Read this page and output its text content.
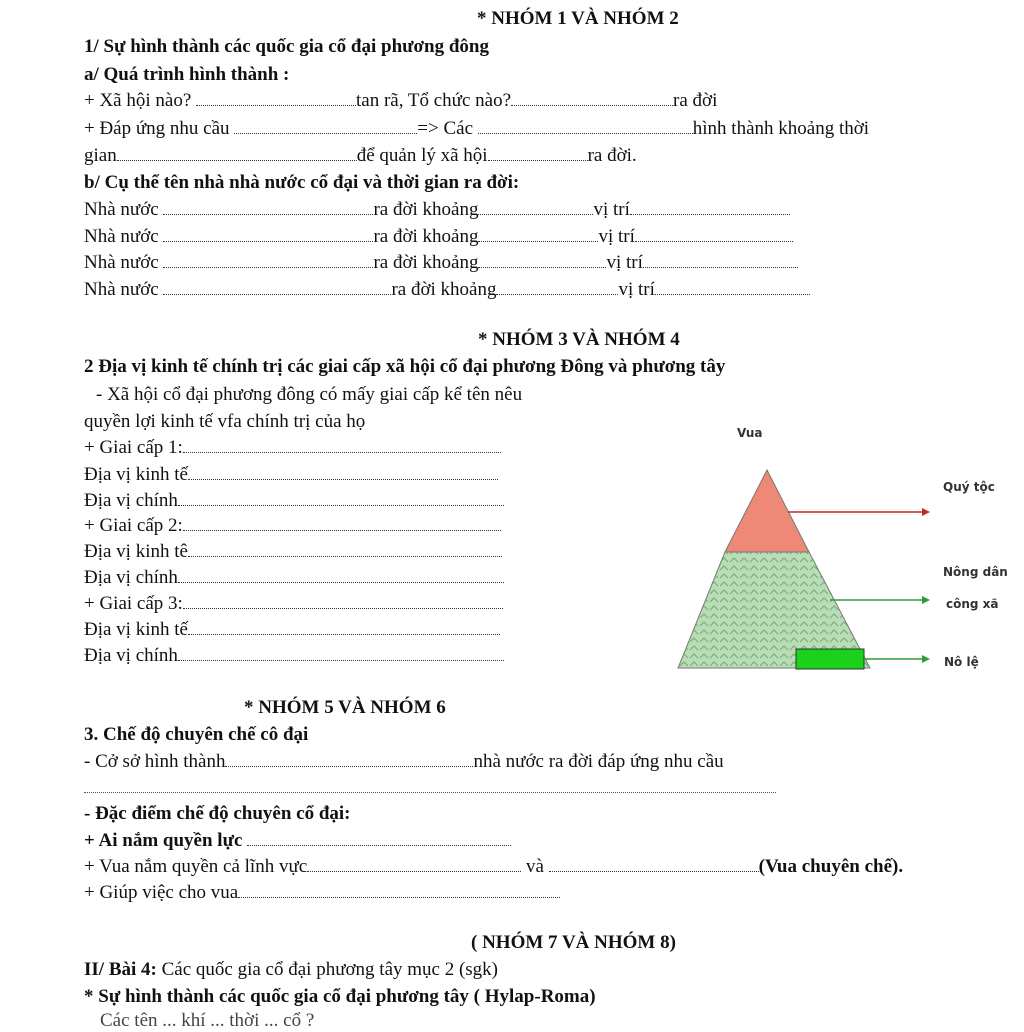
* NHÓM 1 VÀ NHÓM 2
1/ Sự hình thành các quốc gia cổ đại phương đông
a/ Quá trình hình thành :
+ Xã hội nào?	tan rã, Tổ chức nào?	ra đời
+ Đáp ứng nhu cầu	=> Các	hình thành khoảng thời
gian	để quản lý xã hội	ra đời.
b/ Cụ thể tên nhà nhà nước cổ đại và thời gian ra đời:
Nhà nước	ra đời khoảng	vị trí
Nhà nước	ra đời khoảng	vị trí
Nhà nước	ra đời khoảng	vị trí
Nhà nước	ra đời khoảng	vị trí
* NHÓM 3 VÀ NHÓM 4
2 Địa vị kinh tế chính trị các giai cấp xã hội cổ đại phương Đông và phương tây
- Xã hội cổ đại phương đông có mấy giai cấp kể tên nêu
quyền lợi kinh tế vfa chính trị của họ
+ Giai cấp 1:
Địa vị kinh tế
Địa vị chính
+ Giai cấp 2:
Địa vị kinh tê
Địa vị chính
+ Giai cấp 3:
Địa vị kinh tế
Địa vị chính
Vua
Quý tộc
Nông dân
công xã
Nô lệ
* NHÓM 5 VÀ NHÓM 6
3. Chế độ chuyên chế cô đại
- Cở sở hình thành	nhà nước ra đời đáp ứng nhu cầu
- Đặc điểm chế độ chuyên cổ đại:
+ Ai nắm quyền lực
+ Vua nắm quyền cả lĩnh vực	và	(Vua chuyên chế).
+ Giúp việc cho vua
( NHÓM 7 VÀ NHÓM 8)
II/ Bài 4: Các quốc gia cổ đại phương tây mục 2 (sgk)
* Sự hình thành các quốc gia cổ đại phương tây ( Hylap-Roma)
Các tên ... khí ... thời ... cổ ?
